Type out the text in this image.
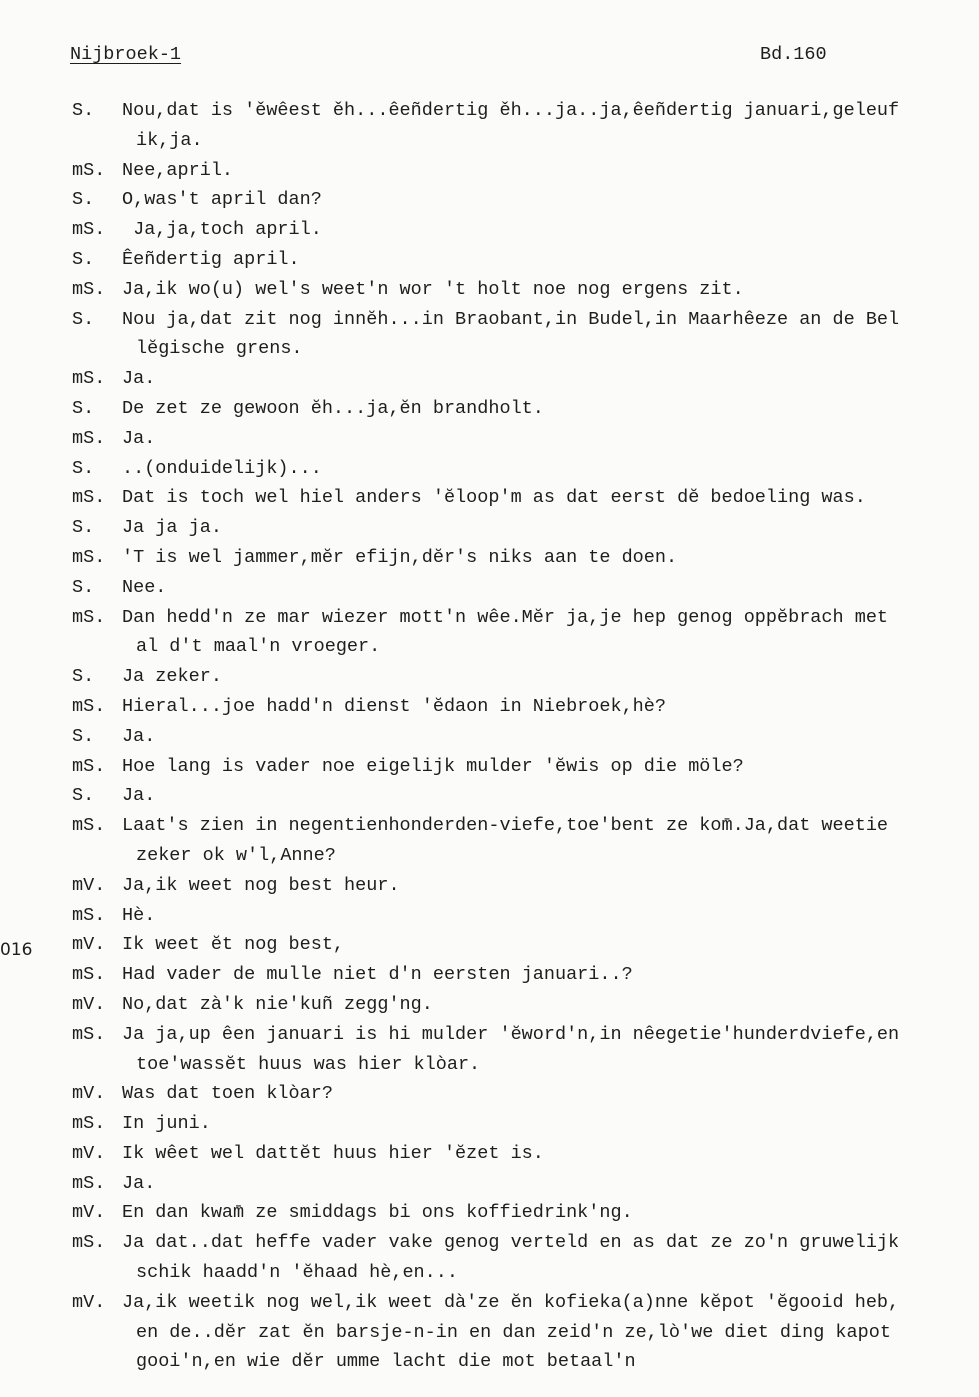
Nijbroek-1	Bd.160
016
S.	Nou,dat is 'ěwêest ěh...êeñdertig ěh...ja..ja,êeñdertig januari,geleuf
ik,ja.
mS. Nee,april.
S.	O,was't april dan?
mS. Ja,ja,toch april.
S.	Êeñdertig april.
mS. Ja,ik wo(u) wel's weet'n wor 't holt noe nog ergens zit.
S.	Nou ja,dat zit nog innĕh...in Braobant,in Budel,in Maarhêeze an de Bel
lĕgische grens.
mS. Ja.
S.	De zet ze gewoon ĕh...ja,ĕn brandholt.
mS. Ja.
S.	..(onduidelijk)...
mS. Dat is toch wel hiel anders 'ĕloop'm as dat eerst dĕ bedoeling was.
S.	Ja ja ja.
mS. 'T is wel jammer,mĕr efijn,dĕr's niks aan te doen.
S.	Nee.
mS. Dan hedd'n ze mar wiezer mott'n wêe.Mĕr ja,je hep genog oppĕbrach met
al d't maal'n vroeger.
S.	Ja zeker.
mS. Hieral...joe hadd'n dienst 'ĕdaon in Niebroek,hè?
S.	Ja.
mS. Hoe lang is vader noe eigelijk mulder 'ĕwis op die möle?
S.	Ja.
mS. Laat's zien in negentienhonderden-viefe,toe'bent ze kom̄.Ja,dat weetie
zeker ok w'l,Anne?
mV. Ja,ik weet nog best heur.
mS. Hè.
mV. Ik weet ĕt nog best,
mS. Had vader de mulle niet d'n eersten januari..?
mV. No,dat zà'k nie'kuñ zegg'ng.
mS. Ja ja,up êen januari is hi mulder 'ĕword'n,in nêegetie'hunderdviefe,en
toe'wassĕt huus was hier klòar.
mV. Was dat toen klòar?
mS. In juni.
mV. Ik wêet wel dattĕt huus hier 'ĕzet is.
mS. Ja.
mV. En dan kwam̄ ze smiddags bi ons koffiedrink'ng.
mS. Ja dat..dat heffe vader vake genog verteld en as dat ze zo'n gruwelijk
schik haadd'n 'ĕhaad hè,en...
mV. Ja,ik weetik nog wel,ik weet dà'ze ĕn kofieka(a)nne kĕpot 'ĕgooid heb,
en de..dĕr zat ĕn barsje-n-in en dan zeid'n ze,lò'we diet ding kapot
gooi'n,en wie dĕr umme lacht die mot betaal'n
